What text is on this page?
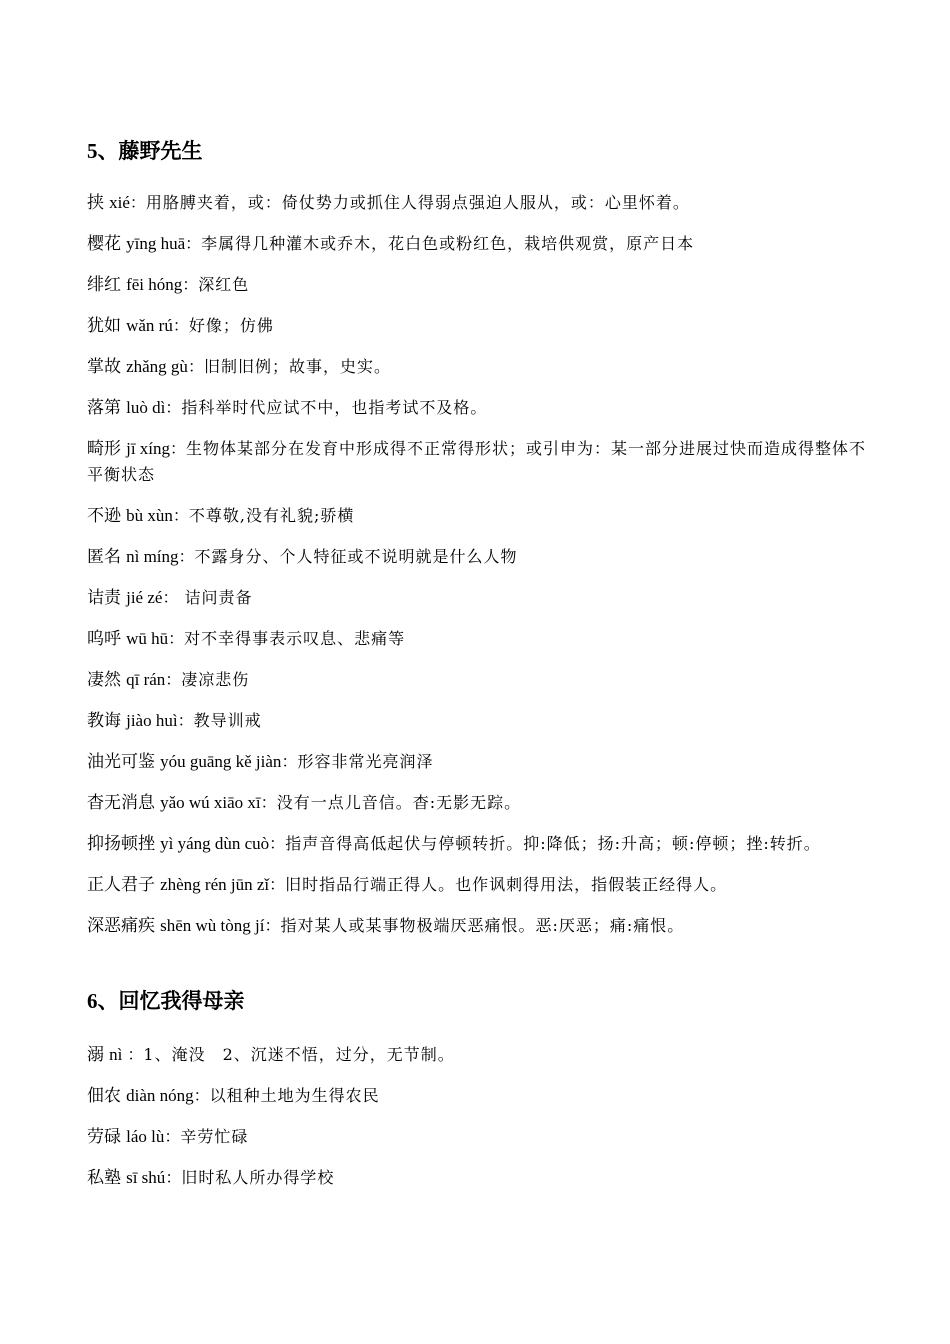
5、藤野先生

挟 xié：用胳膊夹着，或：倚仗势力或抓住人得弱点强迫人服从，或：心里怀着。

樱花 yīng huā：李属得几种灌木或乔木，花白色或粉红色，栽培供观赏，原产日本

绯红 fēi hóng：深红色

犹如 wǎn rú：好像；仿佛

掌故 zhǎng gù：旧制旧例；故事，史实。

落第 luò dì：指科举时代应试不中，也指考试不及格。

畸形 jī xíng：生物体某部分在发育中形成得不正常得形状；或引申为：某一部分进展过快而造成得整体不平衡状态

不逊 bù xùn：不尊敬,没有礼貌;骄横

匿名 nì míng：不露身分、个人特征或不说明就是什么人物

诘责 jié zé： 诘问责备

呜呼 wū hū：对不幸得事表示叹息、悲痛等

凄然 qī rán：凄凉悲伤

教诲 jiào huì：教导训戒

油光可鉴 yóu guāng kě jiàn：形容非常光亮润泽

杳无消息 yǎo wú xiāo xī：没有一点儿音信。杳:无影无踪。

抑扬顿挫 yì yáng dùn cuò：指声音得高低起伏与停顿转折。抑:降低；扬:升高；顿:停顿；挫:转折。

正人君子 zhèng rén jūn zǐ：旧时指品行端正得人。也作讽刺得用法，指假装正经得人。

深恶痛疾 shēn wù tòng jí：指对某人或某事物极端厌恶痛恨。恶:厌恶；痛:痛恨。

6、回忆我得母亲

溺 nì ：1、淹没　2、沉迷不悟，过分，无节制。

佃农 diàn nóng：以租种土地为生得农民

劳碌 láo lù：辛劳忙碌

私塾 sī shú：旧时私人所办得学校
